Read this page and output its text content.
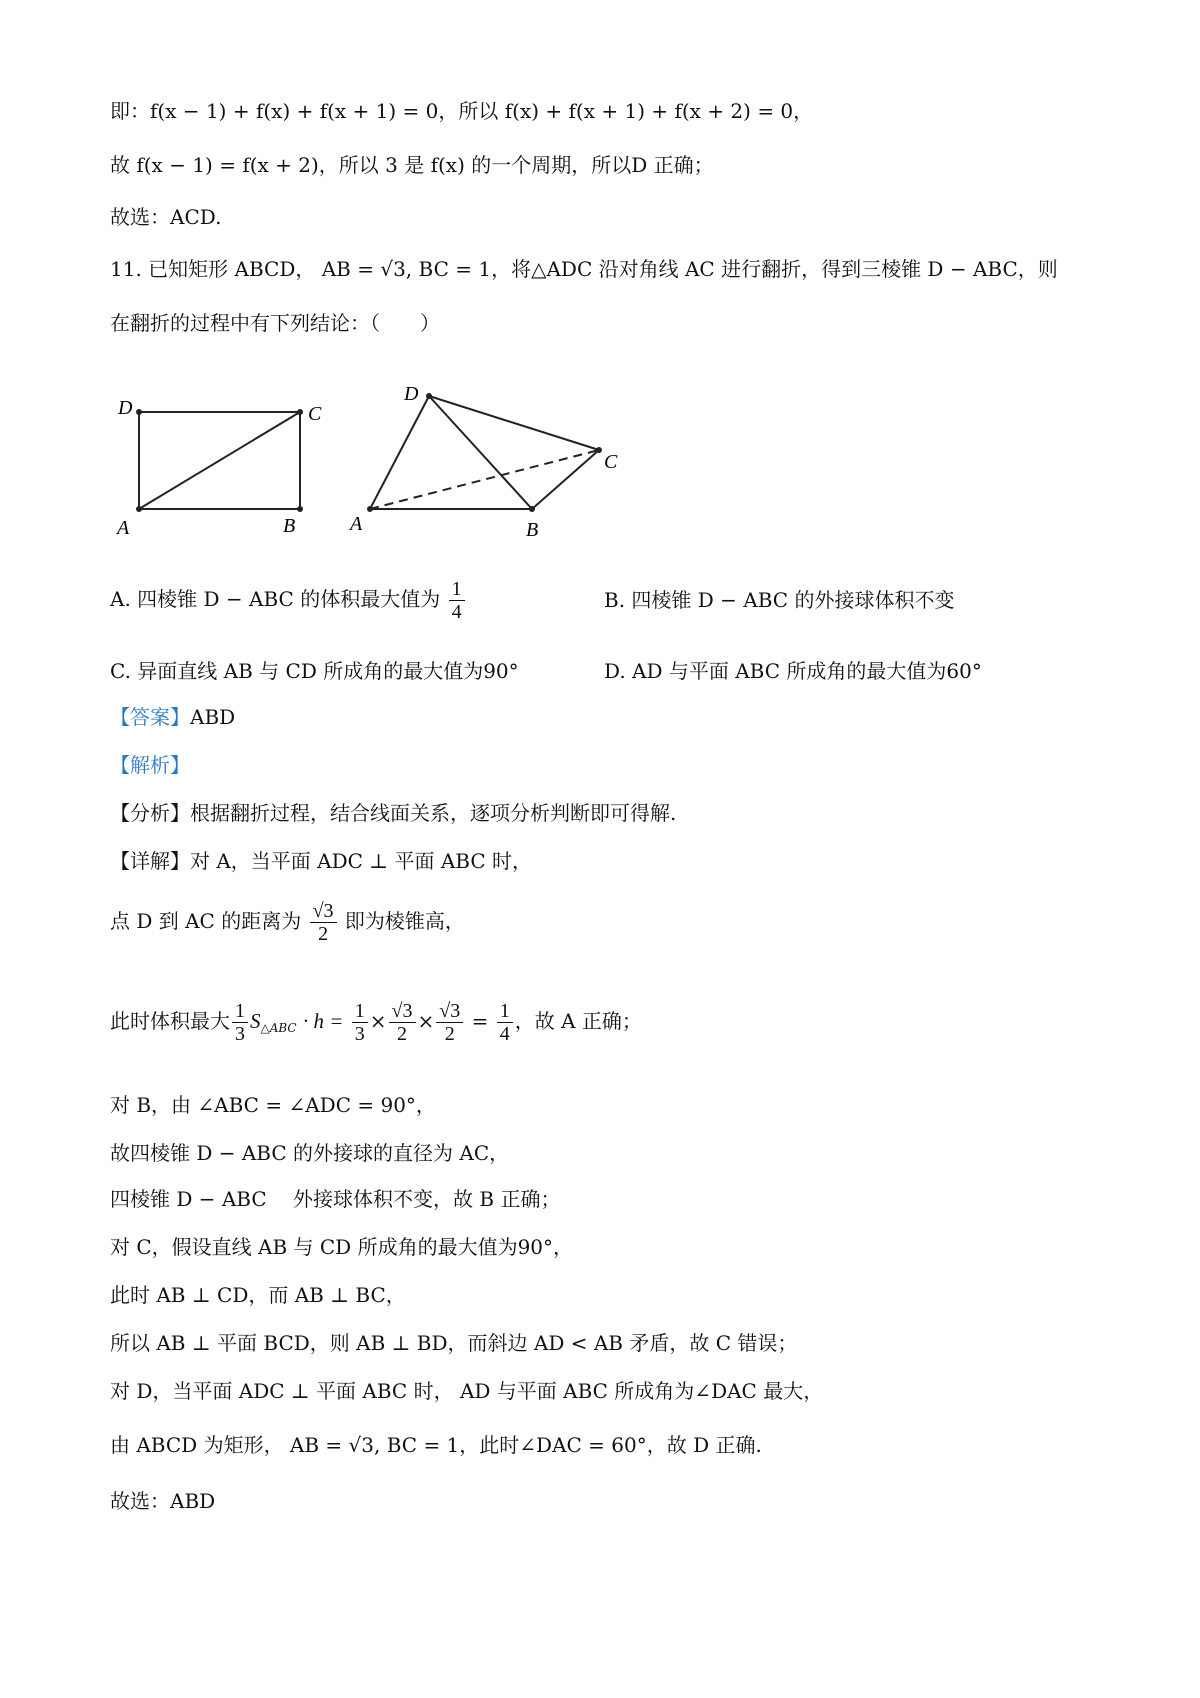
即：f(x − 1) + f(x) + f(x + 1) = 0，所以 f(x) + f(x + 1) + f(x + 2) = 0，
故 f(x − 1) = f(x + 2)，所以 3 是 f(x) 的一个周期，所以D 正确；
故选：ACD.
11. 已知矩形 ABCD， AB = √3, BC = 1，将△ADC 沿对角线 AC 进行翻折，得到三棱锥 D − ABC，则
在翻折的过程中有下列结论：（　　）
D	C
A	B
D
C
A	B
A. 四棱锥 D − ABC 的体积最大值为 $\frac{1}{4}$	B. 四棱锥 D − ABC 的外接球体积不变
C. 异面直线 AB 与 CD 所成角的最大值为90°	D. AD 与平面 ABC 所成角的最大值为60°
【答案】ABD
【解析】
【分析】根据翻折过程，结合线面关系，逐项分析判断即可得解.
【详解】对 A，当平面 ADC ⊥ 平面 ABC 时，
点 D 到 AC 的距离为 $\frac{√3}{2}$ 即为棱锥高，
此时体积最大 $\frac{1}{3} S_{\triangle ABC} \cdot h = \frac{1}{3} \times \frac{√3}{2} \times \frac{√3}{2} = \frac{1}{4}$ ，故 A 正确；
对 B，由 ∠ABC = ∠ADC = 90°，
故四棱锥 D − ABC 的外接球的直径为 AC，
四棱锥 D − ABC　 外接球体积不变，故 B 正确；
对 C，假设直线 AB 与 CD 所成角的最大值为90°，
此时 AB ⊥ CD，而 AB ⊥ BC，
所以 AB ⊥ 平面 BCD，则 AB ⊥ BD，而斜边 AD < AB 矛盾，故 C 错误；
对 D，当平面 ADC ⊥ 平面 ABC 时， AD 与平面 ABC 所成角为∠DAC 最大，
由 ABCD 为矩形， AB = √3, BC = 1，此时∠DAC = 60°，故 D 正确.
故选：ABD
